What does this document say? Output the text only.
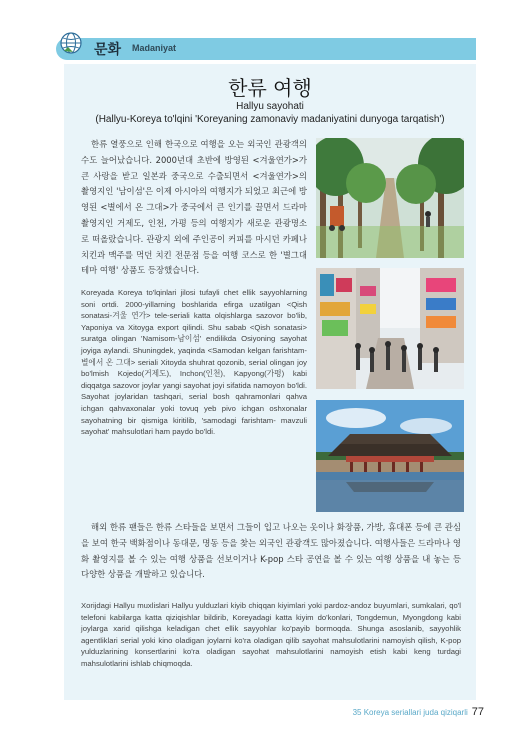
문화 Madaniyat
한류 여행
Hallyu sayohati
(Hallyu-Koreya to'lqini 'Koreyaning zamonaviy madaniyatini dunyoga tarqatish')
한류 열풍으로 인해 한국으로 여행을 오는 외국인 관광객의 수도 늘어났습니다. 2000년대 초반에 방영된 <겨울연가>가 큰 사랑을 받고 일본과 중국으로 수출되면서 <겨울연가>의 촬영지인 '남이섬'은 이제 아시아의 여행지가 되었고 최근에 방영된 <별에서 온 그대>가 중국에서 큰 인기를 끌면서 드라마 촬영지인 거제도, 인천, 가평 등의 여행지가 새로운 관광명소로 떠올랐습니다. 관광지 외에 주인공이 커피를 마시던 카페나 치킨과 맥주를 먹던 치킨 전문점 등을 여행 코스로 한 '별그대 테마 여행' 상품도 등장했습니다.
Koreyada Koreya to'lqinlari jilosi tufayli chet ellik sayyohlarning soni ortdi. 2000-yillarning boshlarida efirga uzatilgan <Qish sonatasi-겨울 연가> tele-seriali katta olqishlarga sazovor bo'lib, Yaponiya va Xitoyga export qilindi. Shu sabab <Qish sonatasi> suratga olingan 'Namisom-남이섬' endilikda Osiyoning sayohat joyiga aylandi. Shuningdek, yaqinda <Samodan kelgan farishtam-별에서 온 그대> seriali Xitoyda shuhrat qozonib, serial olingan joy bo'lmish Kojedo(거제도), Inchon(인천), Kapyong(가평) kabi diqqatga sazovor joylar yangi sayohat joyi sifatida namoyon bo'ldi. Sayohat joylaridan tashqari, serial bosh qahramonlari qahva ichgan qahvaxonalar yoki tovuq yeb pivo ichgan oshxonalar sayohatning bir qismiga kiritilib, 'samodagi farishtam- mavzuli sayohat' mahsulotlari ham paydo bo'ldi.
해외 한류 팬들은 한류 스타들을 보면서 그들이 입고 나오는 옷이나 화장품, 가방, 휴대폰 등에 큰 관심을 보여 한국 백화점이나 동대문, 명동 등을 찾는 외국인 관광객도 많아졌습니다. 여행사들은 드라마나 영화 촬영지를 볼 수 있는 여행 상품을 선보이거나 K-pop 스타 공연을 볼 수 있는 여행 상품을 내 놓는 등 다양한 상품을 개발하고 있습니다.
Xorijdagi Hallyu muxlislari Hallyu yulduzlari kiyib chiqqan kiyimlari yoki pardoz-andoz buyumlari, sumkalari, qo'l telefoni kabilarga katta qiziqishlar bildirib, Koreyadagi katta kiyim do'konlari, Tongdemun, Myongdong kabi joylarga xarid qilishga keladigan chet ellik sayyohlar ko'payib bormoqda. Shunga asoslanib, sayyohlik agentliklari serial yoki kino oladigan joylarni ko'ra oladigan qilib sayohat mahsulotlarini namoyish qilish, K-pop yulduzlarining konsertlarini ko'ra oladigan sayohat mahsulotlarini namoyish etish kabi keng turdagi mahsulotlarini ishlab chiqmoqda.
35 Koreya seriallari juda qiziqarli 77
